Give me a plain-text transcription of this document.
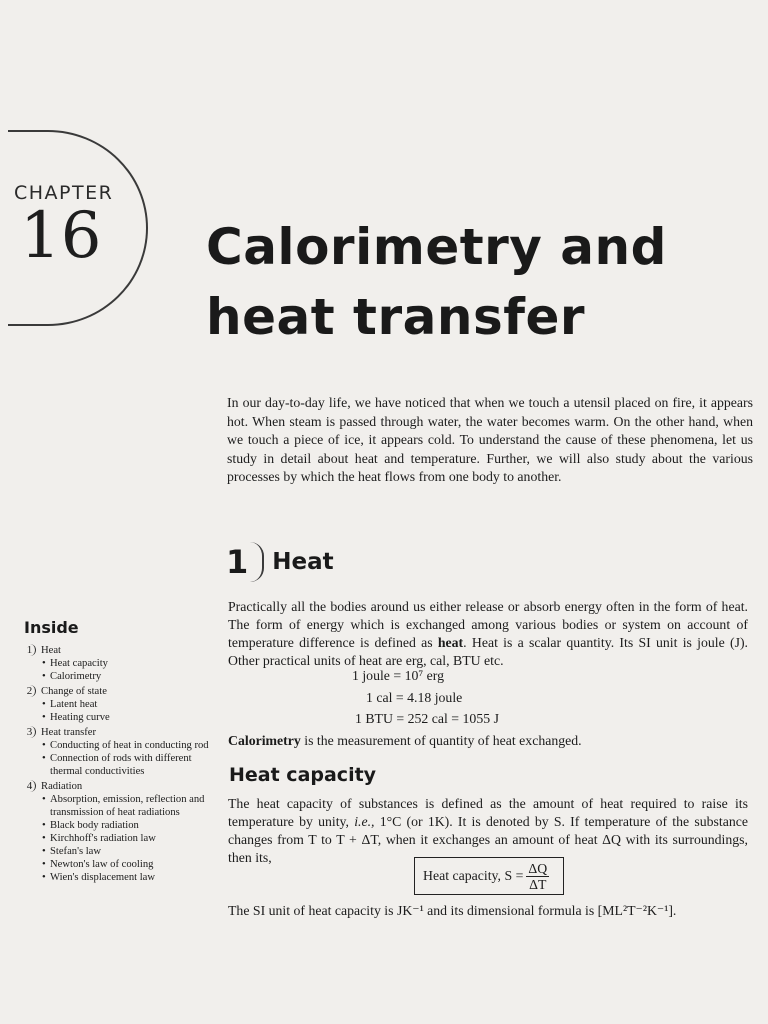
CHAPTER
16 Calorimetry and
heat transfer

In our day-to-day life, we have noticed that when we touch a utensil placed on fire, it appears hot. When steam is passed through water, the water becomes warm. On the other hand, when we touch a piece of ice, it appears cold. To understand the cause of these phenomena, let us study in detail about heat and temperature. Further, we will also study about the various processes by which the heat flows from one body to another.

1 Heat

Practically all the bodies around us either release or absorb energy often in the form of heat. The form of energy which is exchanged among various bodies or system on account of temperature difference is defined as heat. Heat is a scalar quantity. Its SI unit is joule (J). Other practical units of heat are erg, cal, BTU etc.

1 joule = 10⁷ erg
1 cal = 4.18 joule
1 BTU = 252 cal = 1055 J

Calorimetry is the measurement of quantity of heat exchanged.

Heat capacity

The heat capacity of substances is defined as the amount of heat required to raise its temperature by unity, i.e., 1°C (or 1K). It is denoted by S. If temperature of the substance changes from T to T + ΔT, when it exchanges an amount of heat ΔQ with its surroundings, then its,

Heat capacity, $S = \frac{\Delta Q}{\Delta T}$

The SI unit of heat capacity is JK⁻¹ and its dimensional formula is [ML²T⁻²K⁻¹].

Inside
1 Heat
• Heat capacity
• Calorimetry
2 Change of state
• Latent heat
• Heating curve
3 Heat transfer
• Conducting of heat in conducting rod
• Connection of rods with different thermal conductivities
4 Radiation
• Absorption, emission, reflection and transmission of heat radiations
• Black body radiation
• Kirchhoff's radiation law
• Stefan's law
• Newton's law of cooling
• Wien's displacement law
